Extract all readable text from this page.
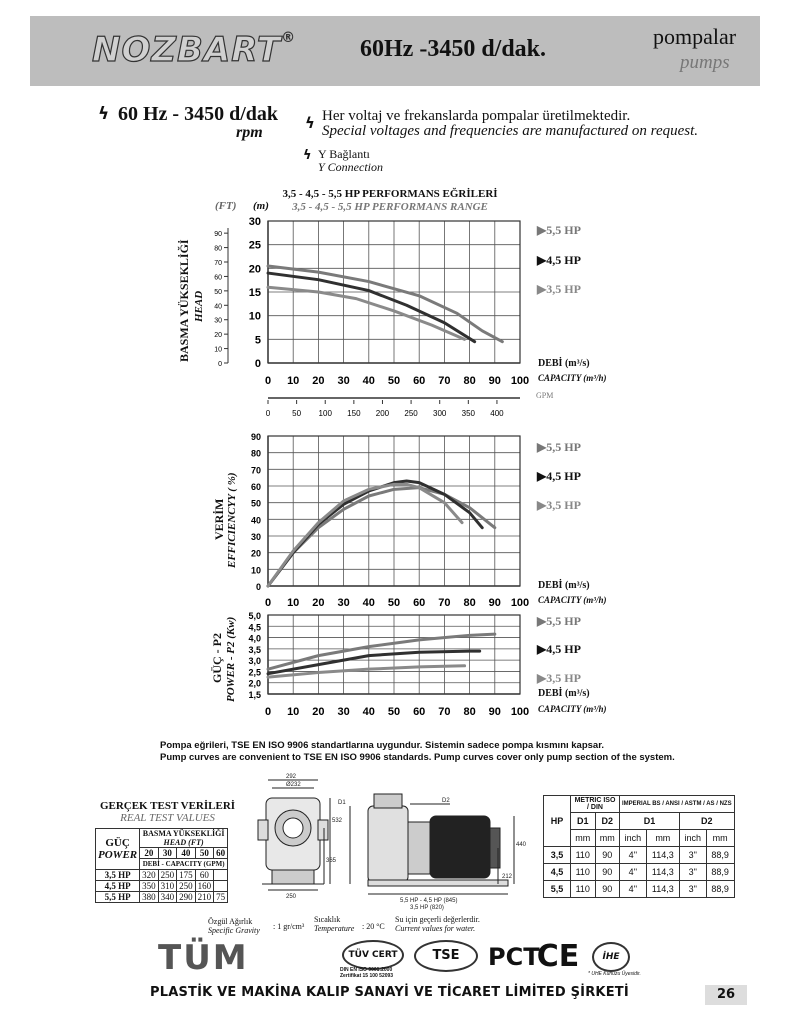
NOZBART®	60Hz -3450 d/dak.	pompalar
pumps
ϟ 60 Hz - 3450 d/dak
rpm
ϟ Her voltaj ve frekanslarda pompalar üretilmektedir.
Special voltages and frequencies are manufactured on request.
ϟ Y Bağlantı
Y Connection
3,5 - 4,5 - 5,5 HP PERFORMANS EĞRİLERİ
3,5 - 4,5 - 5,5 HP PERFORMANS RANGE
(FT) (m)
BASMA YÜKSEKLİĞİ HEAD
VERİM EFFICIENCYY ( %)
GÜÇ - P2 POWER - P2 (Kw)
0 10 20 30 40 50 60 70 80 90 100
0
5
10
15
20
25
30
0 10 20 30 40 50 60 70 80 90 100
0
10
20
30
40
50
60
70
80
90
0 10 20 30 40 50 60 70 80 90 100
1,5
2,0
2,5
3,0
3,5
4,0
4,5
5,0
0
10
20
30
40
50
60
70
80
90
0	50 100 150 200 250 300 350 400
▶5,5 HP
▶4,5 HP
▶3,5 HP
DEBİ (m³/s)
CAPACITY (m³/h)
GPM
▶5,5 HP
▶4,5 HP
▶3,5 HP
DEBİ (m³/s)
CAPACITY (m³/h)
▶5,5 HP
▶4,5 HP
▶3,5 HP
DEBİ (m³/s)
CAPACITY (m³/h)
Pompa eğrileri, TSE EN ISO 9906 standartlarına uygundur. Sistemin sadece pompa kısmını kapsar.
Pump curves are convenient to TSE EN ISO 9906 standards. Pump curves cover only pump section of the system.
GERÇEK TEST VERİLERİ
REAL TEST VALUES
GÜÇ
POWER	BASMA YÜKSEKLİĞİ
HEAD (FT)				
	20	30	40	50	60
	DEBİ - CAPACITY (GPM)				
3,5 HP	320	250	175	60	
4,5 HP	350	310	250	160	
5,5 HP	380	340	290	210	75
292
Ø232
532
365
250
D1	D2
440
212
5,5 HP - 4,5 HP (845)
3,5 HP (820)
HP	METRIC ISO / DIN		IMPERIAL BS / ANSI / ASTM / AS / NZS			
	D1	D2	D1		D2	
	mm	mm	inch	mm	inch	mm
3,5	110	90	4''	114,3	3''	88,9
4,5	110	90	4''	114,3	3''	88,9
5,5	110	90	4''	114,3	3''	88,9
Özgül Ağırlık
Specific Gravity : 1 gr/cm³
Sıcaklık
Temperature : 20 °C
Su için geçerli değerlerdir.
Current values for water.
TÜM	TÜV CERT
DIN EN ISO 9001:2000
Zertifikat 15 100 52093
TSE	PCT
CE	İHE
* UHE Kunuzu Üyesidir.
PLASTİK VE MAKİNA KALIP SANAYİ VE TİCARET LİMİTED ŞİRKETİ	26
